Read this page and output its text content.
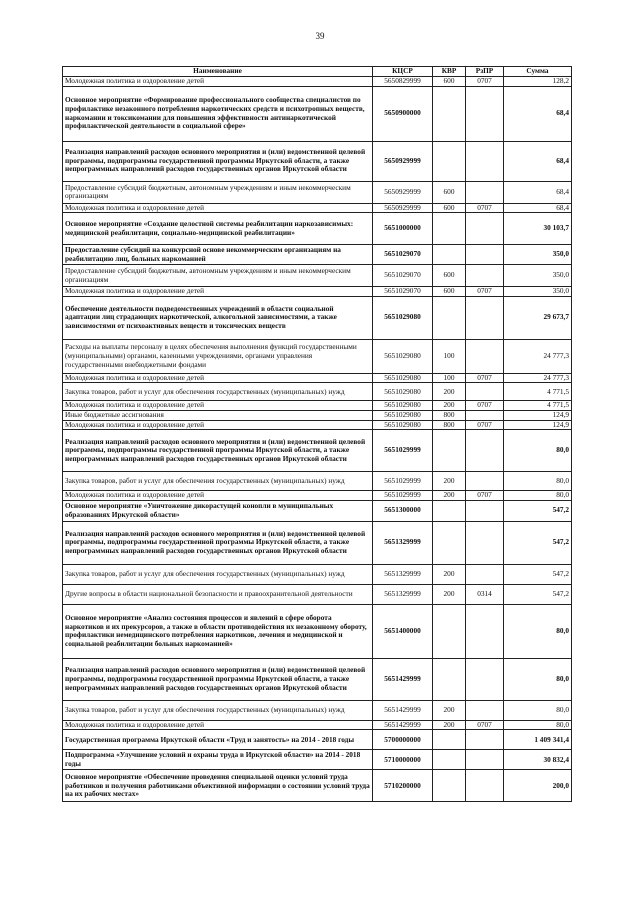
39
Наименование	КЦСР	КВР	РзПР	Сумма
Молодежная политика и оздоровление детей	5650829999	600	0707	128,2
Основное мероприятие «Формирование профессионального сообщества специалистов по профилактике незаконного потребления наркотических средств и психотропных веществ, наркомании и токсикомании для повышения эффективности антинаркотической профилактической деятельности в социальной сфере»	5650900000			68,4
Реализация направлений расходов основного мероприятия и (или) ведомственной целевой программы, подпрограммы государственной программы Иркутской области, а также непрограммных направлений расходов государственных органов Иркутской области	5650929999			68,4
Предоставление субсидий бюджетным, автономным учреждениям и иным некоммерческим организациям	5650929999	600		68,4
Молодежная политика и оздоровление детей	5650929999	600	0707	68,4
Основное мероприятие «Создание целостной системы реабилитации наркозависимых: медицинской реабилитации, социально-медицинской реабилитации»	5651000000			30 103,7
Предоставление субсидий на конкурсной основе некоммерческим организациям на реабилитацию лиц, больных наркоманией	5651029070			350,0
Предоставление субсидий бюджетным, автономным учреждениям и иным некоммерческим организациям	5651029070	600		350,0
Молодежная политика и оздоровление детей	5651029070	600	0707	350,0
Обеспечение деятельности подведомственных учреждений в области социальной адаптации лиц страдающих наркотической, алкогольной зависимостями, а также зависимостями от психоактивных веществ и токсических веществ	5651029080			29 673,7
Расходы на выплаты персоналу в целях обеспечения выполнения функций государственными (муниципальными) органами, казенными учреждениями, органами управления государственными внебюджетными фондами	5651029080	100		24 777,3
Молодежная политика и оздоровление детей	5651029080	100	0707	24 777,3
Закупка товаров, работ и услуг для обеспечения государственных (муниципальных) нужд	5651029080	200		4 771,5
Молодежная политика и оздоровление детей	5651029080	200	0707	4 771,5
Иные бюджетные ассигнования	5651029080	800		124,9
Молодежная политика и оздоровление детей	5651029080	800	0707	124,9
Реализация направлений расходов основного мероприятия и (или) ведомственной целевой программы, подпрограммы государственной программы Иркутской области, а также непрограммных направлений расходов государственных органов Иркутской области	5651029999			80,0
Закупка товаров, работ и услуг для обеспечения государственных (муниципальных) нужд	5651029999	200		80,0
Молодежная политика и оздоровление детей	5651029999	200	0707	80,0
Основное мероприятие «Уничтожение дикорастущей конопли в муниципальных образованиях Иркутской области»	5651300000			547,2
Реализация направлений расходов основного мероприятия и (или) ведомственной целевой программы, подпрограммы государственной программы Иркутской области, а также непрограммных направлений расходов государственных органов Иркутской области	5651329999			547,2
Закупка товаров, работ и услуг для обеспечения государственных (муниципальных) нужд	5651329999	200		547,2
Другие вопросы в области национальной безопасности и правоохранительной деятельности	5651329999	200	0314	547,2
Основное мероприятие «Анализ состояния процессов и явлений в сфере оборота наркотиков и их прекурсоров, а также в области противодействия их незаконному обороту, профилактики немедицинского потребления наркотиков, лечения и медицинской и социальной реабилитации больных наркоманией»	5651400000			80,0
Реализация направлений расходов основного мероприятия и (или) ведомственной целевой программы, подпрограммы государственной программы Иркутской области, а также непрограммных направлений расходов государственных органов Иркутской области	5651429999			80,0
Закупка товаров, работ и услуг для обеспечения государственных (муниципальных) нужд	5651429999	200		80,0
Молодежная политика и оздоровление детей	5651429999	200	0707	80,0
Государственная программа Иркутской области «Труд и занятость» на 2014 - 2018 годы	5700000000			1 409 341,4
Подпрограмма «Улучшение условий и охраны труда в Иркутской области» на 2014 - 2018 годы	5710000000			30 832,4
Основное мероприятие «Обеспечение проведения специальной оценки условий труда работников и получения работниками объективной информации о состоянии условий труда на их рабочих местах»	5710200000			200,0
